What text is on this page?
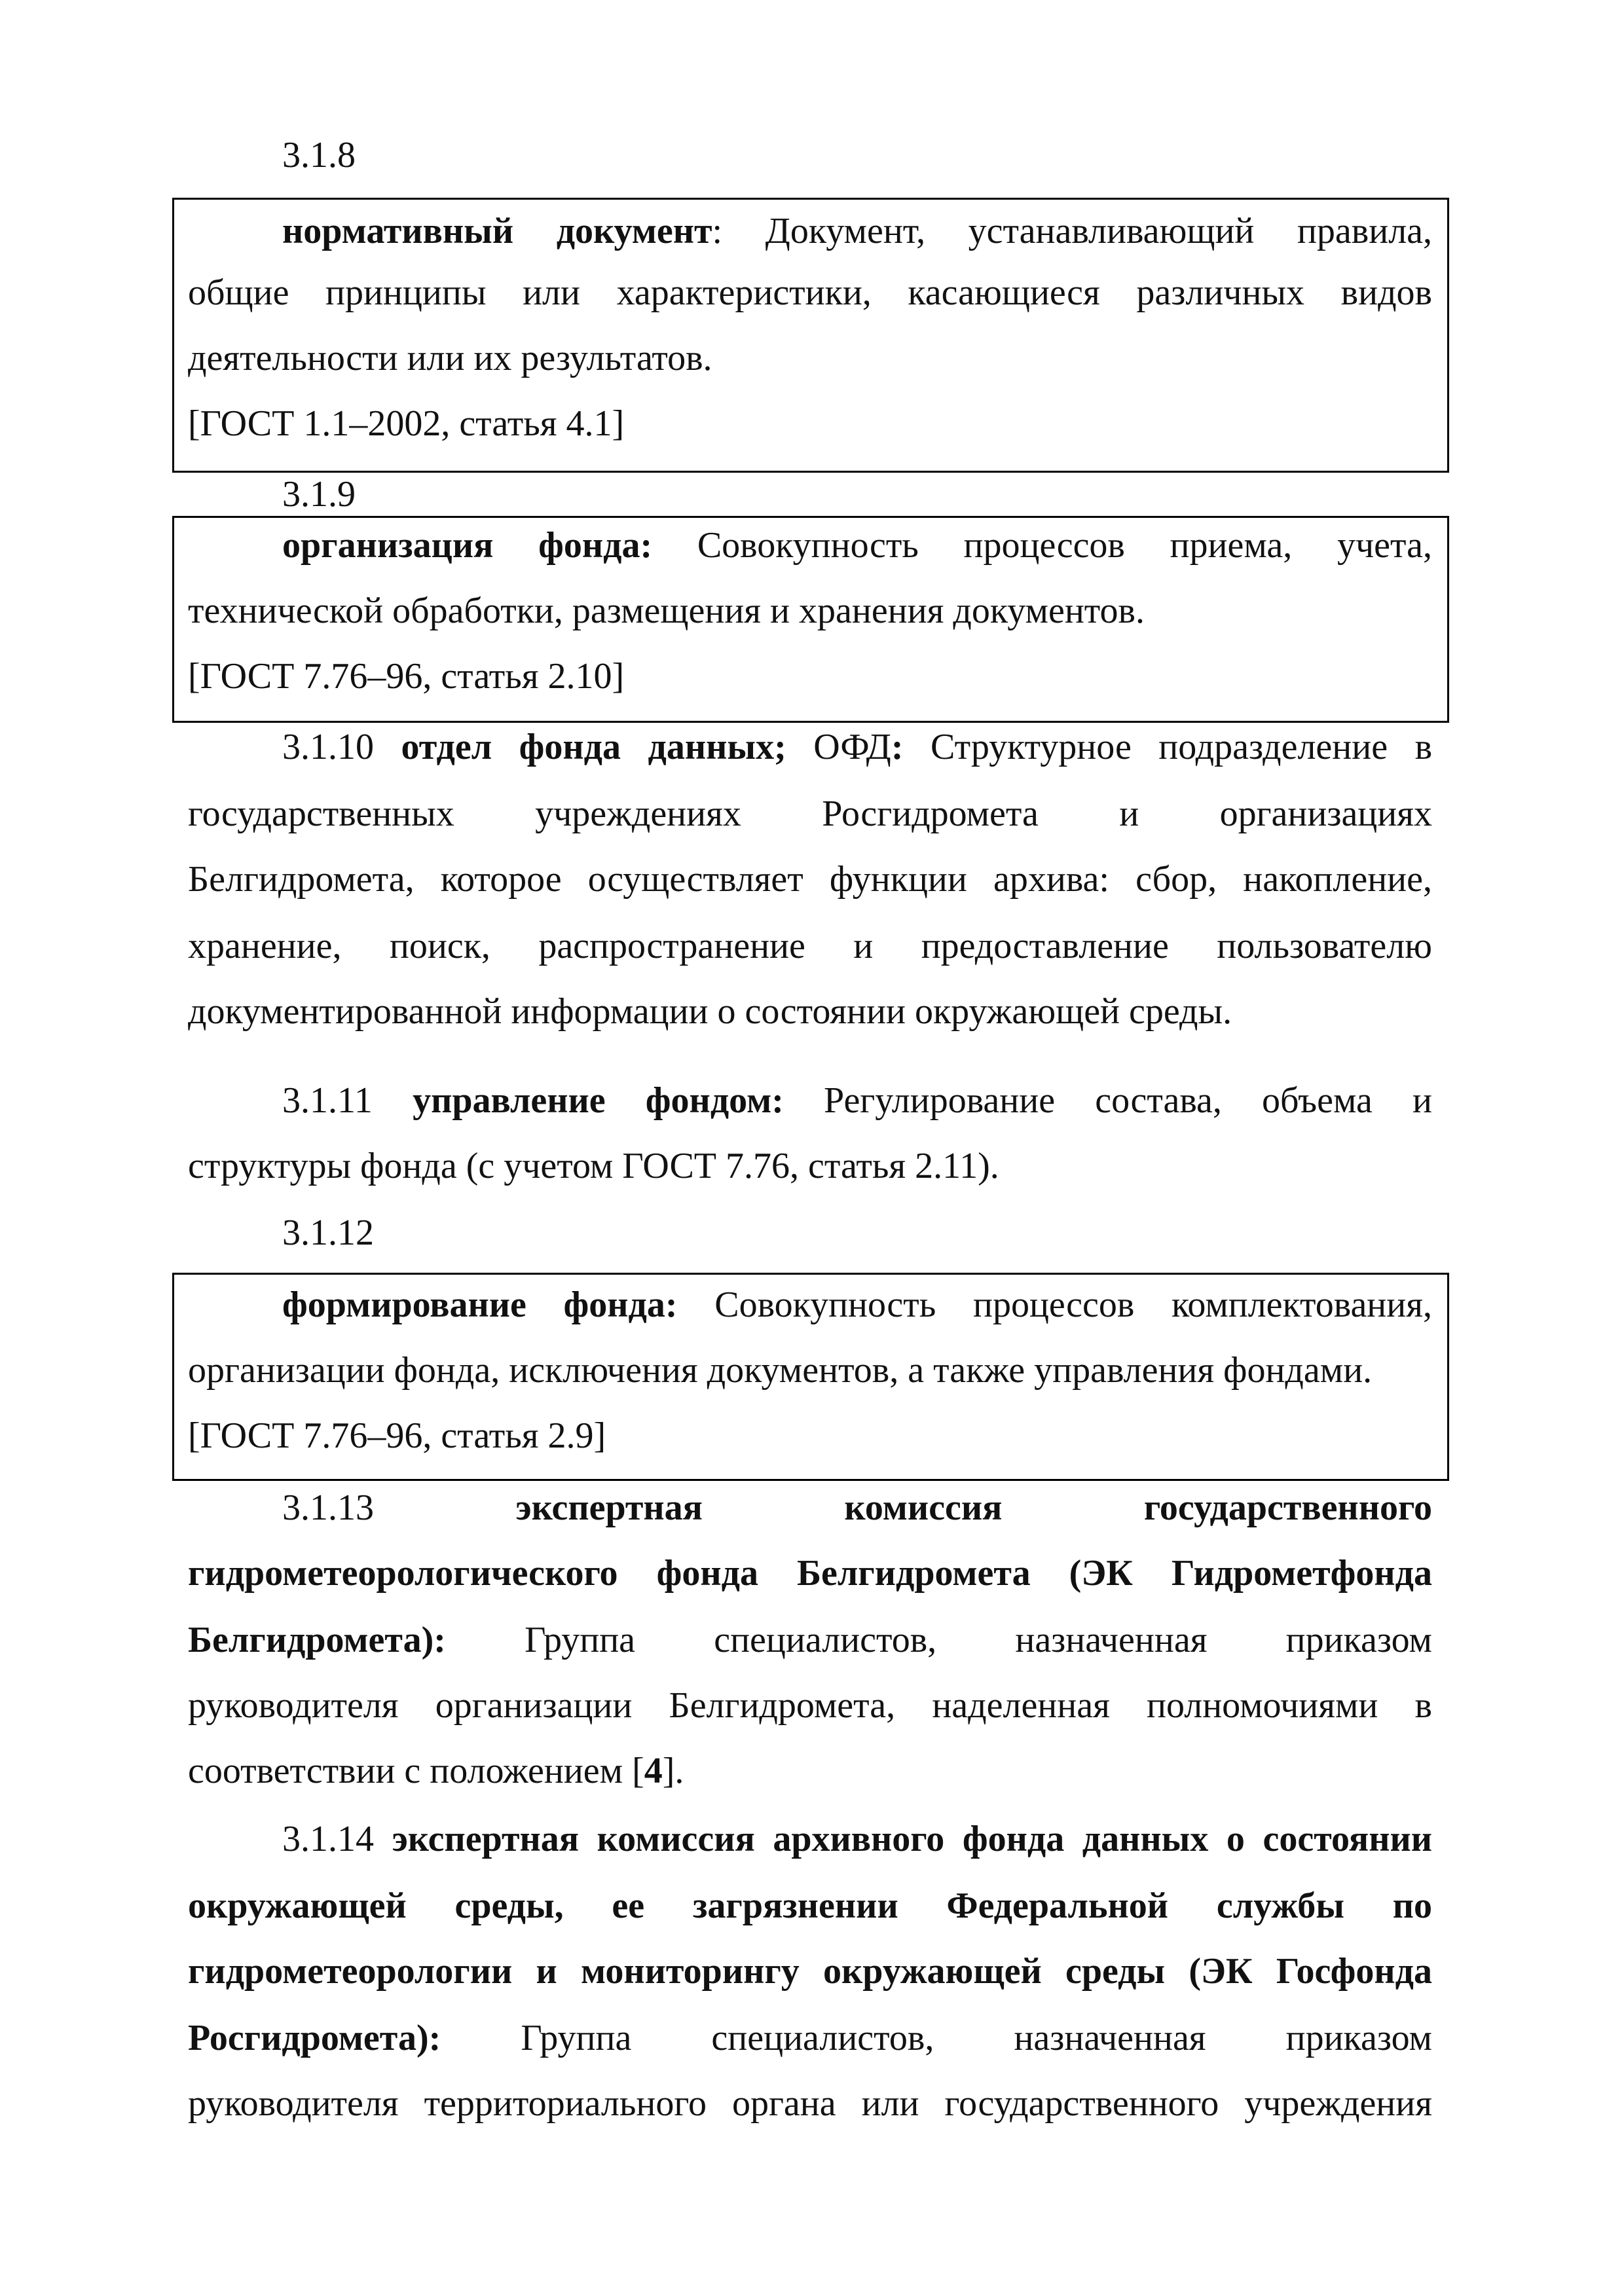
3.1.8
нормативный документ: Документ, устанавливающий правила,
общие принципы или характеристики, касающиеся различных видов
деятельности или их результатов.
[ГОСТ 1.1–2002, статья 4.1]
3.1.9
организация фонда: Совокупность процессов приема, учета,
технической обработки, размещения и хранения документов.
[ГОСТ 7.76–96, статья 2.10]
3.1.10 отдел фонда данных; ОФД: Структурное подразделение в
государственных учреждениях Росгидромета и организациях
Белгидромета, которое осуществляет функции архива: сбор, накопление,
хранение, поиск, распространение и предоставление пользователю
документированной информации о состоянии окружающей среды.
3.1.11 управление фондом: Регулирование состава, объема и
структуры фонда (с учетом ГОСТ 7.76, статья 2.11).
3.1.12
формирование фонда: Совокупность процессов комплектования,
организации фонда, исключения документов, а также управления фондами.
[ГОСТ 7.76–96, статья 2.9]
3.1.13	экспертная комиссия государственного
гидрометеорологического фонда Белгидромета (ЭК Гидрометфонда
Белгидромета): Группа специалистов, назначенная приказом
руководителя организации Белгидромета, наделенная полномочиями в
соответствии с положением [4].
3.1.14 экспертная комиссия архивного фонда данных о состоянии
окружающей среды, ее загрязнении Федеральной службы по
гидрометеорологии и мониторингу окружающей среды (ЭК Госфонда
Росгидромета): Группа специалистов, назначенная приказом
руководителя территориального органа или государственного учреждения
